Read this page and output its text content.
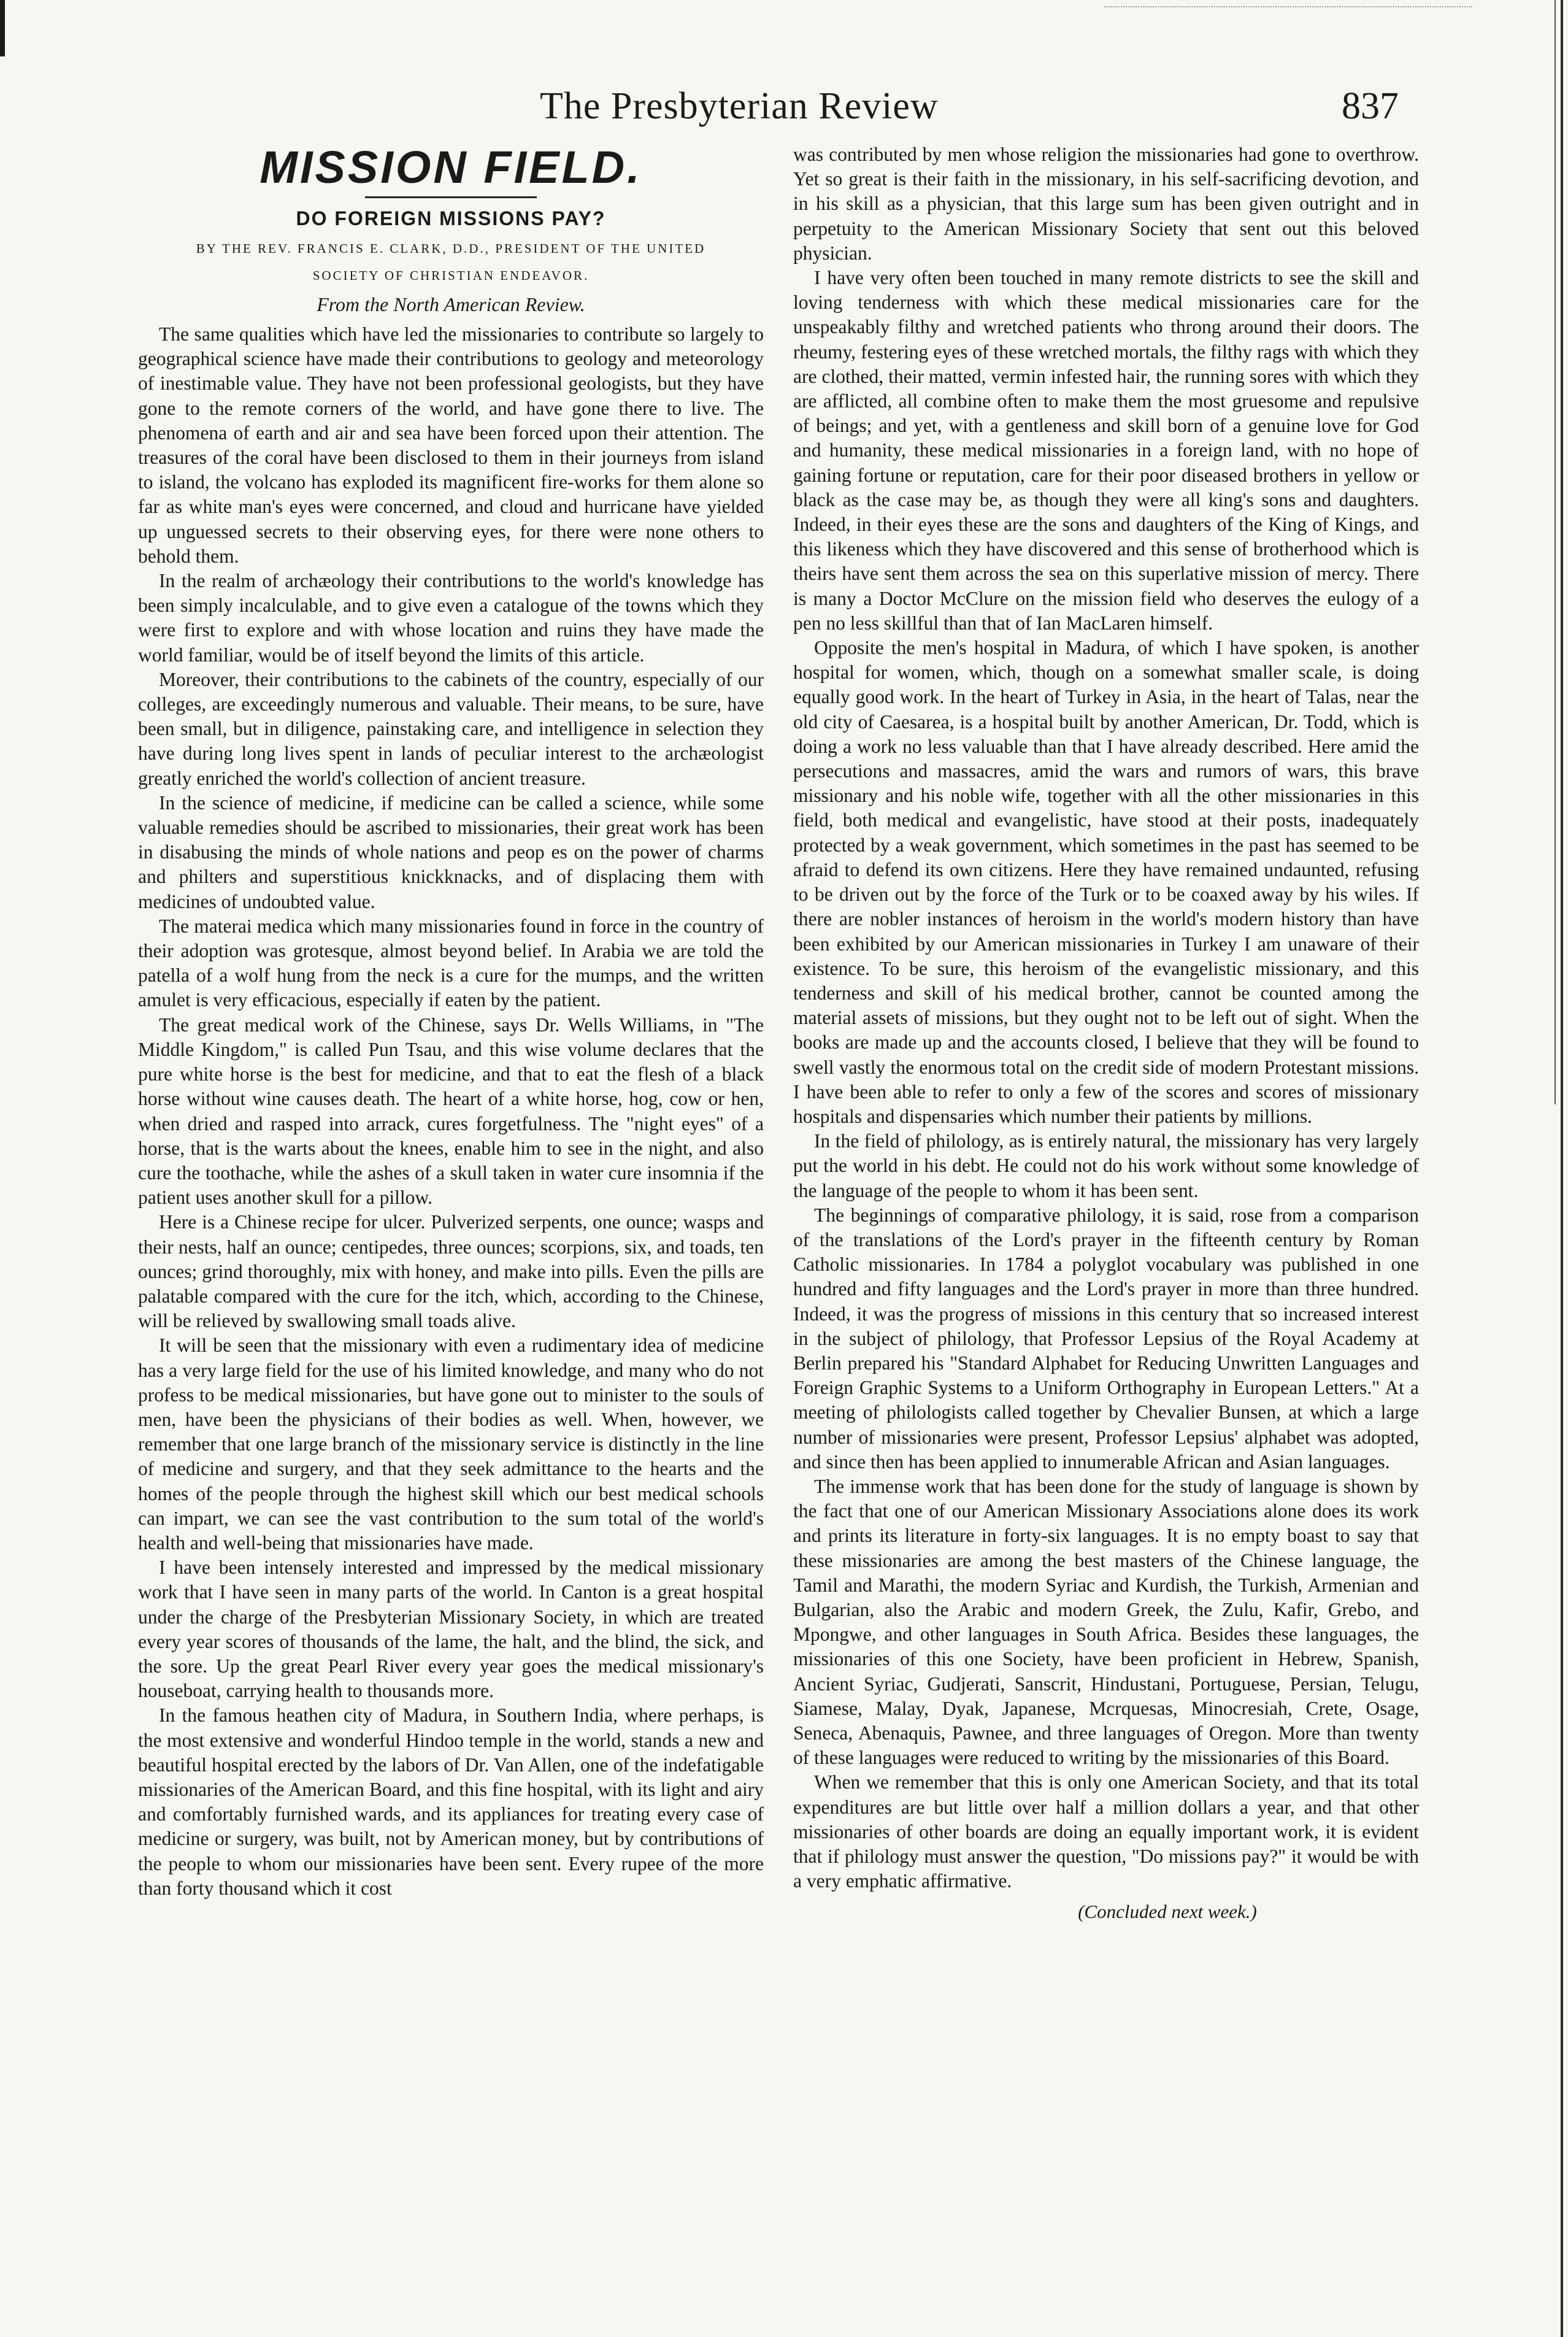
The Presbyterian Review	837
MISSION FIELD.
DO FOREIGN MISSIONS PAY?
BY THE REV. FRANCIS E. CLARK, D.D., PRESIDENT OF THE UNITED
SOCIETY OF CHRISTIAN ENDEAVOR.
From the North American Review.

The same qualities which have led the missionaries to contribute so largely to geographical science have made their contributions to geology and meteorology of inestimable value. They have not been professional geologists, but they have gone to the remote corners of the world, and have gone there to live. The phenomena of earth and air and sea have been forced upon their attention. The treasures of the coral have been disclosed to them in their journeys from island to island, the volcano has exploded its magnificent fire-works for them alone so far as white man's eyes were concerned, and cloud and hurricane have yielded up unguessed secrets to their observing eyes, for there were none others to behold them.

In the realm of archæology their contributions to the world's knowledge has been simply incalculable, and to give even a catalogue of the towns which they were first to explore and with whose location and ruins they have made the world familiar, would be of itself beyond the limits of this article.

Moreover, their contributions to the cabinets of the country, especially of our colleges, are exceedingly numerous and valuable. Their means, to be sure, have been small, but in diligence, painstaking care, and intelligence in selection they have during long lives spent in lands of peculiar interest to the archæologist greatly enriched the world's collection of ancient treasure.

In the science of medicine, if medicine can be called a science, while some valuable remedies should be ascribed to missionaries, their great work has been in disabusing the minds of whole nations and peop es on the power of charms and philters and superstitious knickknacks, and of displacing them with medicines of undoubted value.

The materai medica which many missionaries found in force in the country of their adoption was grotesque, almost beyond belief. In Arabia we are told the patella of a wolf hung from the neck is a cure for the mumps, and the written amulet is very efficacious, especially if eaten by the patient.

The great medical work of the Chinese, says Dr. Wells Williams, in "The Middle Kingdom," is called Pun Tsau, and this wise volume declares that the pure white horse is the best for medicine, and that to eat the flesh of a black horse without wine causes death. The heart of a white horse, hog, cow or hen, when dried and rasped into arrack, cures forgetfulness. The "night eyes" of a horse, that is the warts about the knees, enable him to see in the night, and also cure the toothache, while the ashes of a skull taken in water cure insomnia if the patient uses another skull for a pillow.

Here is a Chinese recipe for ulcer. Pulverized serpents, one ounce; wasps and their nests, half an ounce; centipedes, three ounces; scorpions, six, and toads, ten ounces; grind thoroughly, mix with honey, and make into pills. Even the pills are palatable compared with the cure for the itch, which, according to the Chinese, will be relieved by swallowing small toads alive.

It will be seen that the missionary with even a rudimentary idea of medicine has a very large field for the use of his limited knowledge, and many who do not profess to be medical missionaries, but have gone out to minister to the souls of men, have been the physicians of their bodies as well. When, however, we remember that one large branch of the missionary service is distinctly in the line of medicine and surgery, and that they seek admittance to the hearts and the homes of the people through the highest skill which our best medical schools can impart, we can see the vast contribution to the sum total of the world's health and well-being that missionaries have made.

I have been intensely interested and impressed by the medical missionary work that I have seen in many parts of the world. In Canton is a great hospital under the charge of the Presbyterian Missionary Society, in which are treated every year scores of thousands of the lame, the halt, and the blind, the sick, and the sore. Up the great Pearl River every year goes the medical missionary's houseboat, carrying health to thousands more.

In the famous heathen city of Madura, in Southern India, where perhaps, is the most extensive and wonderful Hindoo temple in the world, stands a new and beautiful hospital erected by the labors of Dr. Van Allen, one of the indefatigable missionaries of the American Board, and this fine hospital, with its light and airy and comfortably furnished wards, and its appliances for treating every case of medicine or surgery, was built, not by American money, but by contributions of the people to whom our missionaries have been sent. Every rupee of the more than forty thousand which it cost

was contributed by men whose religion the missionaries had gone to overthrow. Yet so great is their faith in the missionary, in his self-sacrificing devotion, and in his skill as a physician, that this large sum has been given outright and in perpetuity to the American Missionary Society that sent out this beloved physician.

I have very often been touched in many remote districts to see the skill and loving tenderness with which these medical missionaries care for the unspeakably filthy and wretched patients who throng around their doors. The rheumy, festering eyes of these wretched mortals, the filthy rags with which they are clothed, their matted, vermin infested hair, the running sores with which they are afflicted, all combine often to make them the most gruesome and repulsive of beings; and yet, with a gentleness and skill born of a genuine love for God and humanity, these medical missionaries in a foreign land, with no hope of gaining fortune or reputation, care for their poor diseased brothers in yellow or black as the case may be, as though they were all king's sons and daughters. Indeed, in their eyes these are the sons and daughters of the King of Kings, and this likeness which they have discovered and this sense of brotherhood which is theirs have sent them across the sea on this superlative mission of mercy. There is many a Doctor McClure on the mission field who deserves the eulogy of a pen no less skillful than that of Ian MacLaren himself.

Opposite the men's hospital in Madura, of which I have spoken, is another hospital for women, which, though on a somewhat smaller scale, is doing equally good work. In the heart of Turkey in Asia, in the heart of Talas, near the old city of Caesarea, is a hospital built by another American, Dr. Todd, which is doing a work no less valuable than that I have already described. Here amid the persecutions and massacres, amid the wars and rumors of wars, this brave missionary and his noble wife, together with all the other missionaries in this field, both medical and evangelistic, have stood at their posts, inadequately protected by a weak government, which sometimes in the past has seemed to be afraid to defend its own citizens. Here they have remained undaunted, refusing to be driven out by the force of the Turk or to be coaxed away by his wiles. If there are nobler instances of heroism in the world's modern history than have been exhibited by our American missionaries in Turkey I am unaware of their existence. To be sure, this heroism of the evangelistic missionary, and this tenderness and skill of his medical brother, cannot be counted among the material assets of missions, but they ought not to be left out of sight. When the books are made up and the accounts closed, I believe that they will be found to swell vastly the enormous total on the credit side of modern Protestant missions. I have been able to refer to only a few of the scores and scores of missionary hospitals and dispensaries which number their patients by millions.

In the field of philology, as is entirely natural, the missionary has very largely put the world in his debt. He could not do his work without some knowledge of the language of the people to whom it has been sent.

The beginnings of comparative philology, it is said, rose from a comparison of the translations of the Lord's prayer in the fifteenth century by Roman Catholic missionaries. In 1784 a polyglot vocabulary was published in one hundred and fifty languages and the Lord's prayer in more than three hundred. Indeed, it was the progress of missions in this century that so increased interest in the subject of philology, that Professor Lepsius of the Royal Academy at Berlin prepared his "Standard Alphabet for Reducing Unwritten Languages and Foreign Graphic Systems to a Uniform Orthography in European Letters." At a meeting of philologists called together by Chevalier Bunsen, at which a large number of missionaries were present, Professor Lepsius' alphabet was adopted, and since then has been applied to innumerable African and Asian languages.

The immense work that has been done for the study of language is shown by the fact that one of our American Missionary Associations alone does its work and prints its literature in forty-six languages. It is no empty boast to say that these missionaries are among the best masters of the Chinese language, the Tamil and Marathi, the modern Syriac and Kurdish, the Turkish, Armenian and Bulgarian, also the Arabic and modern Greek, the Zulu, Kafir, Grebo, and Mpongwe, and other languages in South Africa. Besides these languages, the missionaries of this one Society, have been proficient in Hebrew, Spanish, Ancient Syriac, Gudjerati, Sanscrit, Hindustani, Portuguese, Persian, Telugu, Siamese, Malay, Dyak, Japanese, Mcrquesas, Minocresiah, Crete, Osage, Seneca, Abenaquis, Pawnee, and three languages of Oregon. More than twenty of these languages were reduced to writing by the missionaries of this Board.

When we remember that this is only one American Society, and that its total expenditures are but little over half a million dollars a year, and that other missionaries of other boards are doing an equally important work, it is evident that if philology must answer the question, "Do missions pay?" it would be with a very emphatic affirmative.

(Concluded next week.)
